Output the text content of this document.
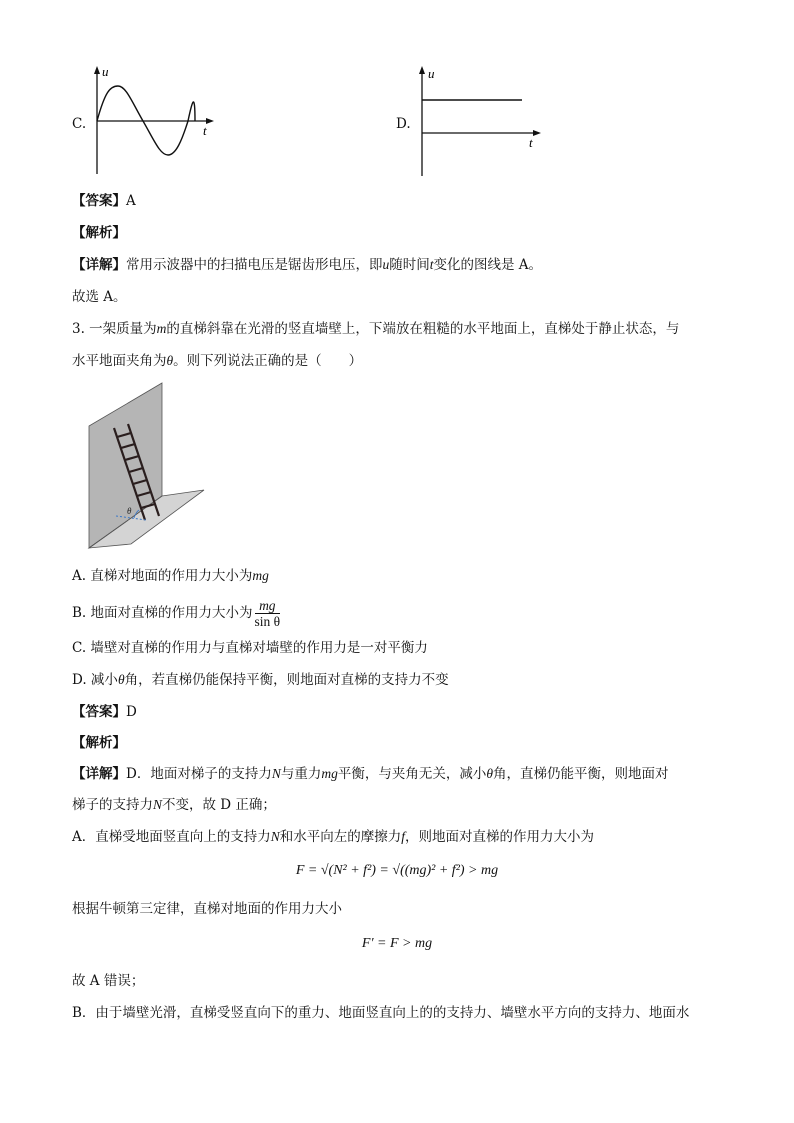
C.
u
t	D.
u
t
【答案】A
【解析】
【详解】常用示波器中的扫描电压是锯齿形电压，即u随时间t变化的图线是 A。
故选 A。
3. 一架质量为m的直梯斜靠在光滑的竖直墙壁上，下端放在粗糙的水平地面上，直梯处于静止状态，与
水平地面夹角为θ。则下列说法正确的是（　　）
θ
A. 直梯对地面的作用力大小为mg
B. 地面对直梯的作用力大小为 $\frac{mg}{\text{sin θ}}$
C. 墙壁对直梯的作用力与直梯对墙壁的作用力是一对平衡力
D. 减小θ角，若直梯仍能保持平衡，则地面对直梯的支持力不变
【答案】D
【解析】
【详解】D．地面对梯子的支持力N与重力mg平衡，与夹角无关，减小θ角，直梯仍能平衡，则地面对
梯子的支持力N不变，故 D 正确；
A．直梯受地面竖直向上的支持力N和水平向左的摩擦力f，则地面对直梯的作用力大小为
F = √(N² + f²) = √((mg)² + f²) > mg
根据牛顿第三定律，直梯对地面的作用力大小
F′ = F > mg
故 A 错误；
B．由于墙壁光滑，直梯受竖直向下的重力、地面竖直向上的的支持力、墙壁水平方向的支持力、地面水
